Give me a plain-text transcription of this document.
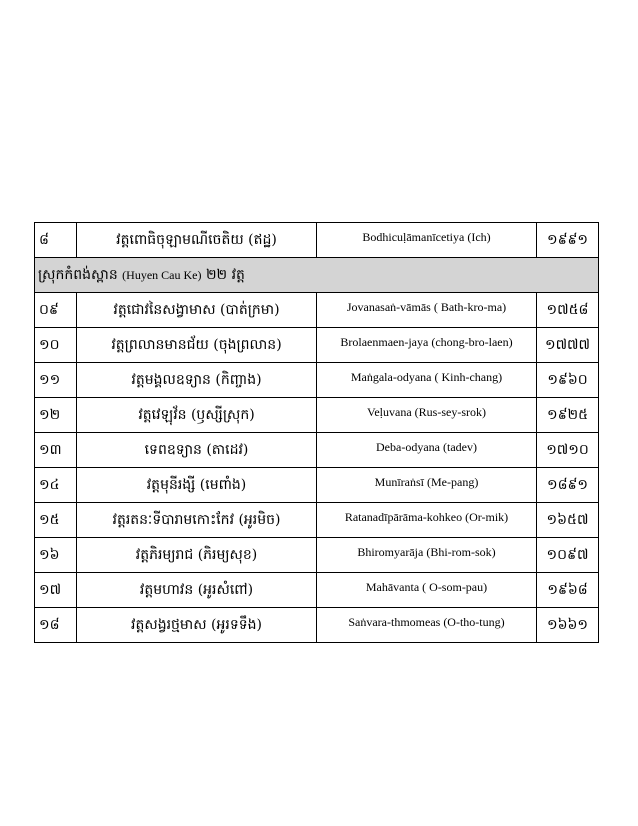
៨	វត្តពោធិចុឡាមណីចេតិយ (ឥដ្ឋ)	Bodhicuḷāmanīcetiya (Ich)	១៩៩១
ស្រុកកំពង់ស្ពាន (Huyen Cau Ke) ២២ វត្ត			
០៩	វត្តជោវនៃសង្វាមាស (បាត់ក្រមា)	Jovanasaṅ-vāmās ( Bath-kro-ma)	១៧៥៨
១០	វត្តព្រលានមានជ័យ (ចុងព្រលាន)	Brolaenmaen-jaya (chong-bro-laen)	១៧៧៧
១១	វត្តមង្គលឧទ្យាន (កិញ្ចាង)	Maṅgala-odyana ( Kinh-chang)	១៩៦០
១២	វត្តវេឡុវ័ន (ឫស្សីស្រុក)	Veḷuvana (Rus-sey-srok)	១៩២៥
១៣	ទេពឧទ្យាន (តាដេវ)	Deba-odyana (tadev)	១៧១០
១៤	វត្តមុនីរង្សី (មេពាំង)	Munīraṅsī (Me-pang)	១៨៩១
១៥	វត្តរតនៈទីបារាមកោះកែវ (អូរមិច)	Ratanadīpārāma-kohkeo (Or-mik)	១៦៥៧
១៦	វត្តភិរម្យរាជ (ភិរម្យសុខ)	Bhiromyarāja (Bhi-rom-sok)	១០៩៧
១៧	វត្តមហាវន (អូរសំពៅ)	Mahāvanta ( O-som-pau)	១៩៦៨
១៨	វត្តសង្វរថ្មមាស (អូរទទឹង)	Saṅvara-thmomeas (O-tho-tung)	១៦៦១
